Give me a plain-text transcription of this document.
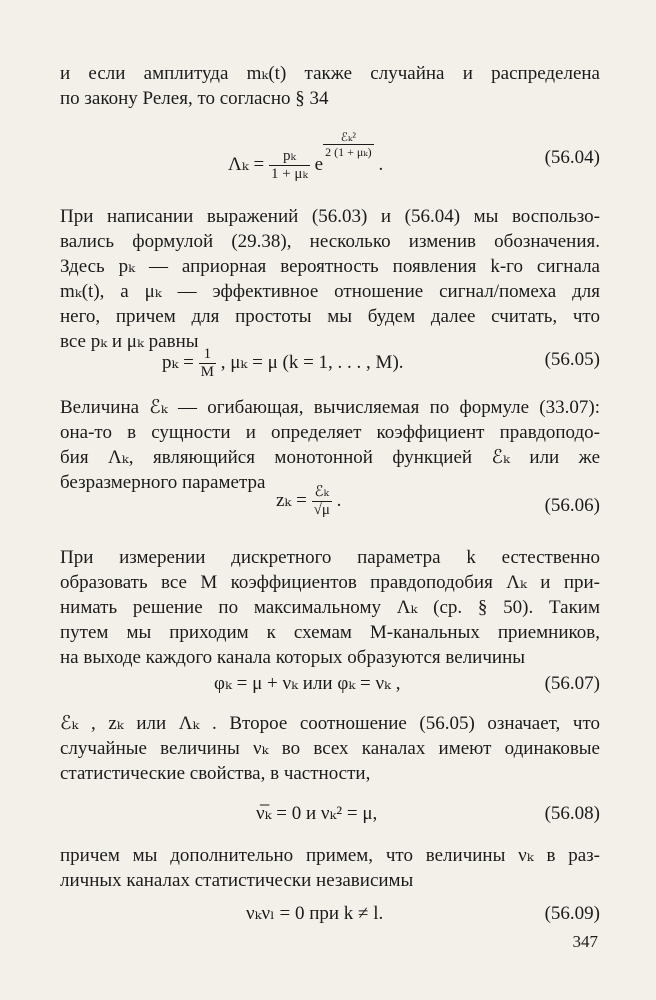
и если амплитуда mₖ(t) также случайна и распределена
по закону Релея, то согласно § 34
$\Lambda_k = \frac{\text{pₖ}}{\text{1 + μₖ}}$ e
$\frac{\text{ℰₖ²}}{\text{2 (1 + μₖ)}}$
.	(56.04)
При написании выражений (56.03) и (56.04) мы воспользо-
вались формулой (29.38), несколько изменив обозначения.
Здесь pₖ — априорная вероятность появления k-го сигнала
mₖ(t), а μₖ — эффективное отношение сигнал/помеха для
него, причем для простоты мы будем далее считать, что
все pₖ и μₖ равны
$p_k = \frac{1}{M}$ , μₖ = μ (k = 1, . . . , M).	(56.05)
Величина ℰₖ — огибающая, вычисляемая по формуле (33.07):
она-то в сущности и определяет коэффициент правдоподо-
бия Λₖ, являющийся монотонной функцией ℰₖ или же
безразмерного параметра
$z_k = \frac{\text{ℰₖ}}{√\mu}$ .	(56.06)
При измерении дискретного параметра k естественно
образовать все M коэффициентов правдоподобия Λₖ и при-
нимать решение по максимальному Λₖ (ср. § 50). Таким
путем мы приходим к схемам M-канальных приемников,
на выходе каждого канала которых образуются величины
φₖ = μ + νₖ или φₖ = νₖ ,	(56.07)
ℰₖ , zₖ или Λₖ . Второе соотношение (56.05) означает, что
случайные величины νₖ во всех каналах имеют одинаковые
статистические свойства, в частности,
ν̅ₖ = 0 и νₖ² = μ,	(56.08)
причем мы дополнительно примем, что величины νₖ в раз-
личных каналах статистически независимы
νₖνₗ = 0 при k ≠ l.	(56.09)
347
